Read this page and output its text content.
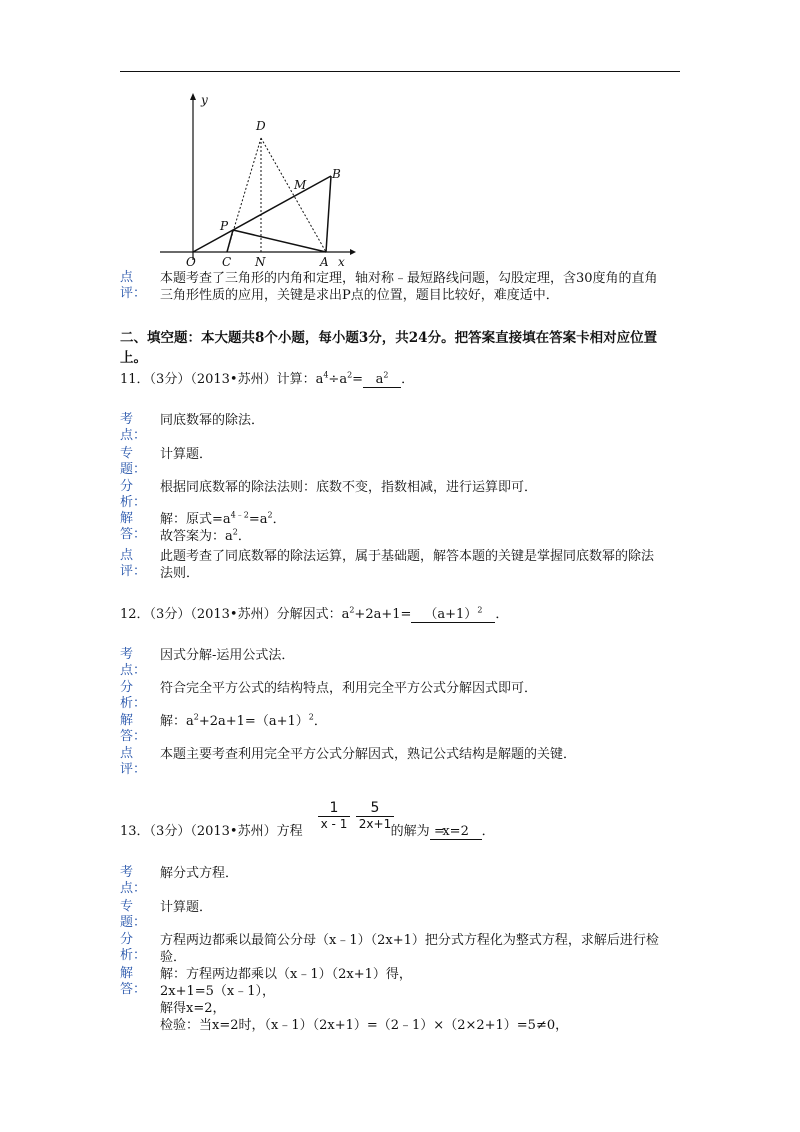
y
D
M
B
P
O C N	A x
点评：
本题考查了三角形的内角和定理，轴对称﹣最短路线问题，勾股定理，含30度角的直角
三角形性质的应用，关键是求出P点的位置，题目比较好，难度适中．
二、填空题：本大题共8个小题，每小题3分，共24分。把答案直接填在答案卡相对应位置上。
11．（3分）（2013•苏州）计算：$a^4\div a^2= a^2$ ．
考点：
同底数幂的除法．
专题：
计算题．
分析：
根据同底数幂的除法法则：底数不变，指数相减，进行运算即可．
解答：
解：原式$=a^{4﹣2}=a^2$．
故答案为：$a^2$．
点评：
此题考查了同底数幂的除法运算，属于基础题，解答本题的关键是掌握同底数幂的除法
法则．
12．（3分）（2013•苏州）分解因式：$a^2+2a+1= (a+1)^2$ ．
考点：
因式分解-运用公式法．
分析：
符合完全平方公式的结构特点，利用完全平方公式分解因式即可．
解答：
解：$a^2+2a+1=(a+1)^2$．
点评：
本题主要考查利用完全平方公式分解因式，熟记公式结构是解题的关键．
13．（3分）（2013•苏州）方程	=
的解为 x=2 ．
1
x - 1
5
2x+1
考点：
解分式方程．
专题：
计算题．
分析：
方程两边都乘以最简公分母（x﹣1）（2x+1）把分式方程化为整式方程，求解后进行检
验．
解答：
解：方程两边都乘以（x﹣1）（2x+1）得，
2x+1=5（x﹣1），
解得x=2，
检验：当x=2时，（x﹣1）（2x+1）=（2﹣1）×（2×2+1）=5≠0，
